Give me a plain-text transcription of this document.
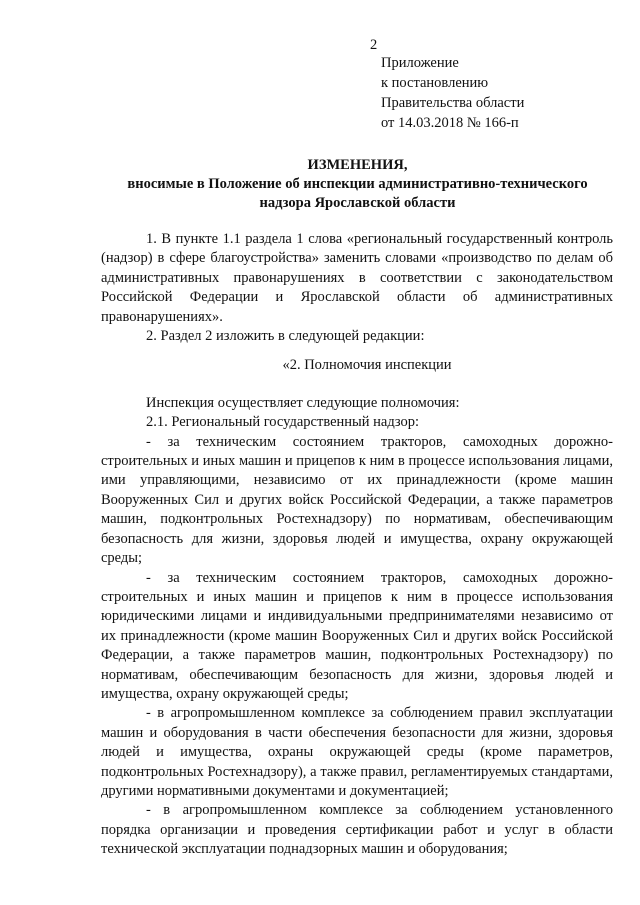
2
Приложение
к постановлению
Правительства области
от 14.03.2018 № 166-п
ИЗМЕНЕНИЯ,
вносимые в Положение об инспекции административно-технического
надзора Ярославской области

1. В пункте 1.1 раздела 1 слова «региональный государственный контроль (надзор) в сфере благоустройства» заменить словами «производство по делам об административных правонарушениях в соответствии с законодательством Российской Федерации и Ярославской области об административных правонарушениях».

2. Раздел 2 изложить в следующей редакции:

«2. Полномочия инспекции

Инспекция осуществляет следующие полномочия:

2.1. Региональный государственный надзор:

- за техническим состоянием тракторов, самоходных дорожно-строительных и иных машин и прицепов к ним в процессе использования лицами, ими управляющими, независимо от их принадлежности (кроме машин Вооруженных Сил и других войск Российской Федерации, а также параметров машин, подконтрольных Ростехнадзору) по нормативам, обеспечивающим безопасность для жизни, здоровья людей и имущества, охрану окружающей среды;

- за техническим состоянием тракторов, самоходных дорожно-строительных и иных машин и прицепов к ним в процессе использования юридическими лицами и индивидуальными предпринимателями независимо от их принадлежности (кроме машин Вооруженных Сил и других войск Российской Федерации, а также параметров машин, подконтрольных Ростехнадзору) по нормативам, обеспечивающим безопасность для жизни, здоровья людей и имущества, охрану окружающей среды;

- в агропромышленном комплексе за соблюдением правил эксплуатации машин и оборудования в части обеспечения безопасности для жизни, здоровья людей и имущества, охраны окружающей среды (кроме параметров, подконтрольных Ростехнадзору), а также правил, регламентируемых стандартами, другими нормативными документами и документацией;

- в агропромышленном комплексе за соблюдением установленного порядка организации и проведения сертификации работ и услуг в области технической эксплуатации поднадзорных машин и оборудования;
